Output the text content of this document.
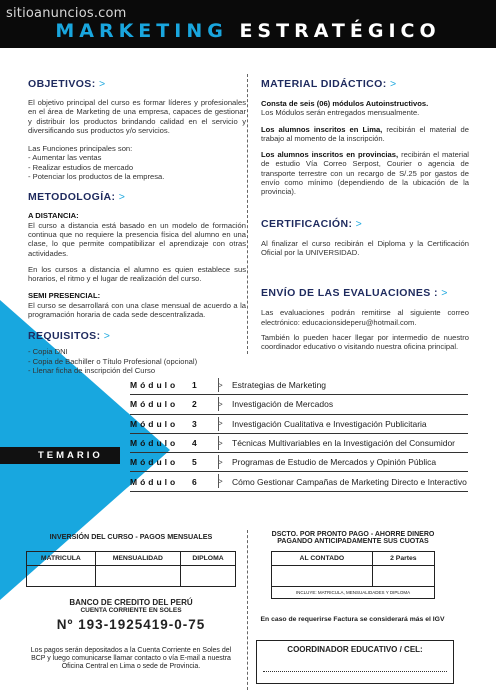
sitioanuncios.com
MARKETING ESTRATÉGICO
OBJETIVOS: >

El objetivo principal del curso es formar líderes y profesionales en el área de Marketing de una empresa, capaces de gestionar y distribuir los productos brindando calidad en el servicio y diversificando sus productos y/o servicios.

Las Funciones principales son:

- Aumentar las ventas
- Realizar estudios de mercado
- Potenciar los productos de la empresa.
METODOLOGÍA: >

A DISTANCIA:

El curso a distancia está basado en un modelo de formación continua que no requiere la presencia física del alumno en una clase, lo que permite compatibilizar el aprendizaje con otras actividades.

En los cursos a distancia el alumno es quien establece sus horarios, el ritmo y el lugar de realización del curso.

SEMI PRESENCIAL:

El curso se desarrollará con una clase mensual de acuerdo a la programación horaria de cada sede descentralizada.

REQUISITOS: >
- Copia DNI
- Copia de Bachiller o Título Profesional (opcional)
- Llenar ficha de inscripción del Curso
MATERIAL DIDÁCTICO: >

Consta de seis (06) módulos Autoinstructivos.
Los Módulos serán entregados mensualmente.

Los alumnos inscritos en Lima, recibirán el material de trabajo al momento de la inscripción.

Los alumnos inscritos en provincias, recibirán el material de estudio Vía Correo Serpost, Courier o agencia de transporte terrestre con un recargo de S/.25 por gastos de envío como mínimo (dependiendo de la ubicación de la provincia).

CERTIFICACIÓN: >

Al finalizar el curso recibirán el Diploma y la Certificación Oficial por la UNIVERSIDAD.

ENVÍO DE LAS EVALUACIONES : >

Las evaluaciones podrán remitirse al siguiente correo electrónico: educacionsideperu@hotmail.com.

También lo pueden hacer llegar por intermedio de nuestro coordinador educativo o visitando nuestra oficina principal.

TEMARIO
Módulo	1	>	Estrategias de Marketing
Módulo	2	>	Investigación de Mercados
Módulo	3	>	Investigación Cualitativa e Investigación Publicitaria
Módulo	4	>	Técnicas Multivariables en la Investigación del Consumidor
Módulo	5	>	Programas de Estudio de Mercados y Opinión Pública
Módulo	6	>	Cómo Gestionar Campañas de Marketing Directo e Interactivo
INVERSIÓN DEL CURSO - PAGOS MENSUALES
MATRICULA	MENSUALIDAD	DIPLOMA

BANCO DE CREDITO DEL PERÚ
CUENTA CORRIENTE EN SOLES
Nº 193-1925419-0-75
Los pagos serán depositados a la Cuenta Corriente en Soles del BCP y luego comunicarse llamar contacto o vía E-mail a nuestra Oficina Central en Lima o sede de Provincia.
DSCTO. POR PRONTO PAGO - AHORRE DINERO
PAGANDO ANTICIPADAMENTE SUS CUOTAS
AL CONTADO	2 Partes

INCLUYE: MATRICULA, MENSUALIDADES Y DIPLOMA	
En caso de requerirse Factura se considerará más el IGV
COORDINADOR EDUCATIVO / CEL:
